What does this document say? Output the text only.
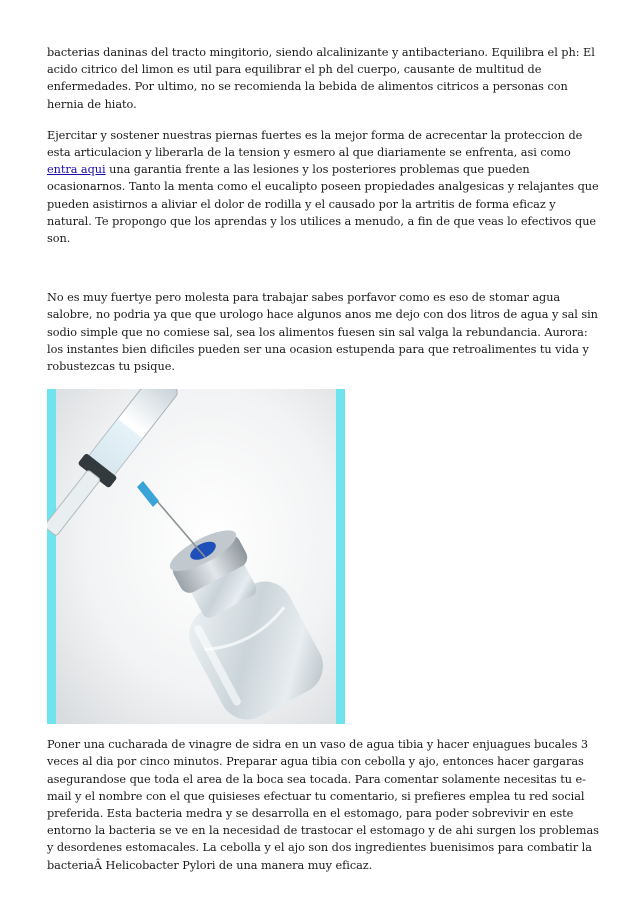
bacterias daninas del tracto mingitorio, siendo alcalinizante y antibacteriano. Equilibra el ph: El acido citrico del limon es util para equilibrar el ph del cuerpo, causante de multitud de enfermedades. Por ultimo, no se recomienda la bebida de alimentos citricos a personas con hernia de hiato.

Ejercitar y sostener nuestras piernas fuertes es la mejor forma de acrecentar la proteccion de esta articulacion y liberarla de la tension y esmero al que diariamente se enfrenta, asi como entra aqui una garantia frente a las lesiones y los posteriores problemas que pueden ocasionarnos. Tanto la menta como el eucalipto poseen propiedades analgesicas y relajantes que pueden asistirnos a aliviar el dolor de rodilla y el causado por la artritis de forma eficaz y natural. Te propongo que los aprendas y los utilices a menudo, a fin de que veas lo efectivos que son.

No es muy fuertye pero molesta para trabajar sabes porfavor como es eso de stomar agua salobre, no podria ya que que urologo hace algunos anos me dejo con dos litros de agua y sal sin sodio simple que no comiese sal, sea los alimentos fuesen sin sal valga la rebundancia. Aurora: los instantes bien dificiles pueden ser una ocasion estupenda para que retroalimentes tu vida y robustezcas tu psique.

Poner una cucharada de vinagre de sidra en un vaso de agua tibia y hacer enjuagues bucales 3 veces al dia por cinco minutos. Preparar agua tibia con cebolla y ajo, entonces hacer gargaras asegurandose que toda el area de la boca sea tocada. Para comentar solamente necesitas tu e-mail y el nombre con el que quisieses efectuar tu comentario, si prefieres emplea tu red social preferida. Esta bacteria medra y se desarrolla en el estomago, para poder sobrevivir en este entorno la bacteria se ve en la necesidad de trastocar el estomago y de ahi surgen los problemas y desordenes estomacales. La cebolla y el ajo son dos ingredientes buenisimos para combatir la bacteriaÂ Helicobacter Pylori de una manera muy eficaz.
